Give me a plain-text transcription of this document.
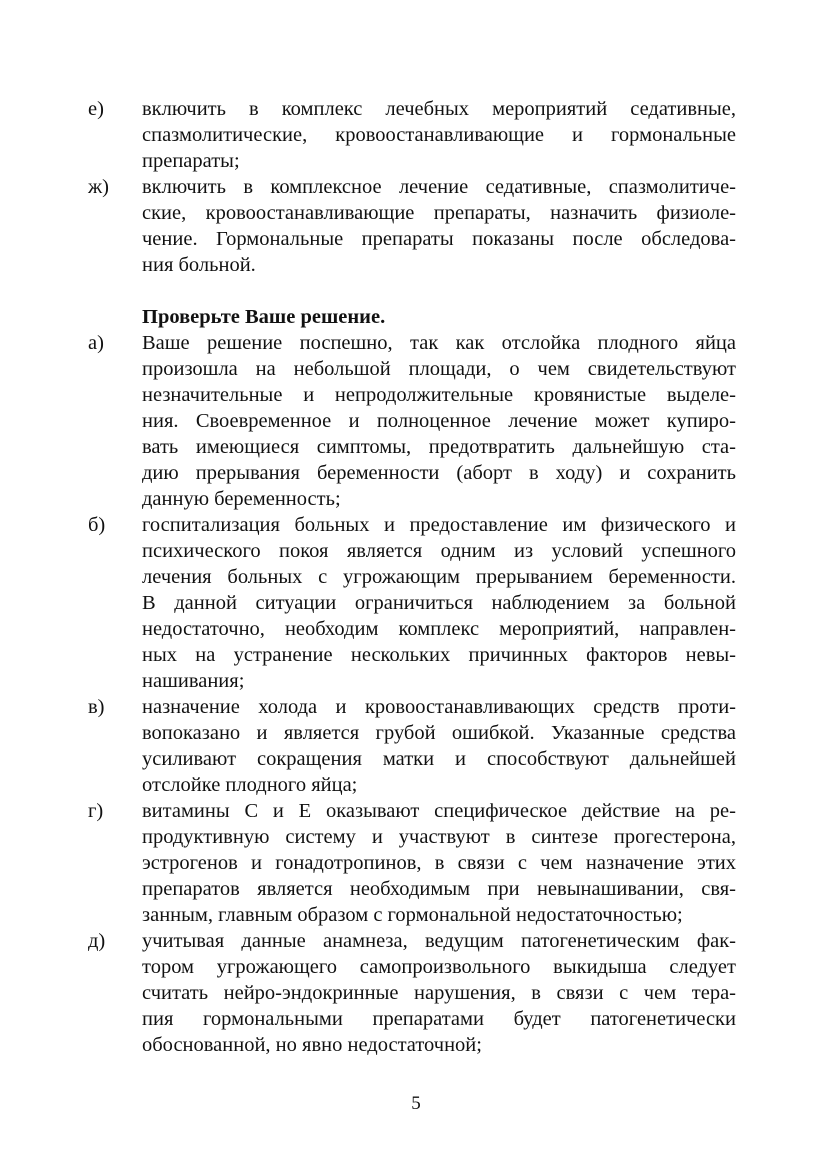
е)	включить в комплекс лечебных мероприятий седативные,
спазмолитические, кровоостанавливающие и гормональные
препараты;
ж)	включить в комплексное лечение седативные, спазмолитиче-
ские, кровоостанавливающие препараты, назначить физиоле-
чение. Гормональные препараты показаны после обследова-
ния больной.
Проверьте Ваше решение.
а)	Ваше решение поспешно, так как отслойка плодного яйца
произошла на небольшой площади, о чем свидетельствуют
незначительные и непродолжительные кровянистые выделе-
ния. Своевременное и полноценное лечение может купиро-
вать имеющиеся симптомы, предотвратить дальнейшую ста-
дию прерывания беременности (аборт в ходу) и сохранить
данную беременность;
б)	госпитализация больных и предоставление им физического и
психического покоя является одним из условий успешного
лечения больных с угрожающим прерыванием беременности.
В данной ситуации ограничиться наблюдением за больной
недостаточно, необходим комплекс мероприятий, направлен-
ных на устранение нескольких причинных факторов невы-
нашивания;
в)	назначение холода и кровоостанавливающих средств проти-
вопоказано и является грубой ошибкой. Указанные средства
усиливают сокращения матки и способствуют дальнейшей
отслойке плодного яйца;
г)	витамины С и Е оказывают специфическое действие на ре-
продуктивную систему и участвуют в синтезе прогестерона,
эстрогенов и гонадотропинов, в связи с чем назначение этих
препаратов является необходимым при невынашивании, свя-
занным, главным образом с гормональной недостаточностью;
д)	учитывая данные анамнеза, ведущим патогенетическим фак-
тором угрожающего самопроизвольного выкидыша следует
считать нейро-эндокринные нарушения, в связи с чем тера-
пия гормональными препаратами будет патогенетически
обоснованной, но явно недостаточной;
5
